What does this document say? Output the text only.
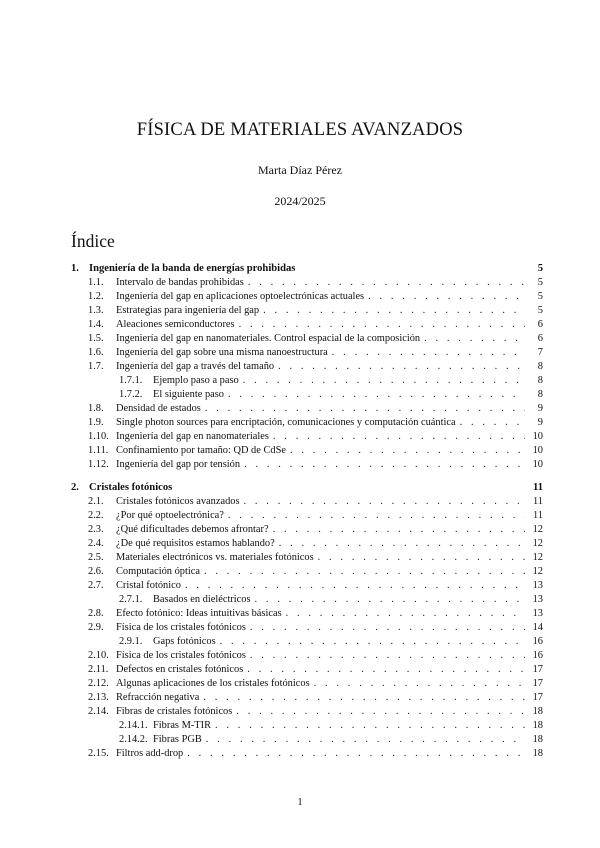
FÍSICA DE MATERIALES AVANZADOS
Marta Díaz Pérez
2024/2025
Índice
1. Ingeniería de la banda de energías prohibidas	5
1.1.	Intervalo de bandas prohibidas . . .	5
1.2.	Ingeniería del gap en aplicaciones optoelectrónicas actuales . . .	5
1.3.	Estrategias para ingeniería del gap . . .	5
1.4.	Aleaciones semiconductores . . .	6
1.5.	Ingeniería del gap en nanomateriales. Control espacial de la composición . . .	6
1.6.	Ingeniería del gap sobre una misma nanoestructura . . .	7
1.7.	Ingeniería del gap a través del tamaño . . .	8
1.7.1.	Ejemplo paso a paso . . .	8
1.7.2.	El siguiente paso . . .	8
1.8.	Densidad de estados . . .	9
1.9.	Single photon sources para encriptación, comunicaciones y computación cuántica . . .	9
1.10. Ingeniería del gap en nanomateriales . . .	10
1.11. Confinamiento por tamaño: QD de CdSe . . .	10
1.12. Ingeniería del gap por tensión . . .	10
2. Cristales fotónicos	11
2.1.	Cristales fotónicos avanzados . . .	11
2.2.	¿Por qué optoelectrónica? . . .	11
2.3.	¿Qué dificultades debemos afrontar? . . .	12
2.4.	¿De qué requisitos estamos hablando? . . .	12
2.5.	Materiales electrónicos vs. materiales fotónicos . . .	12
2.6.	Computación óptica . . .	12
2.7.	Cristal fotónico . . .	13
2.7.1.	Basados en dieléctricos . . .	13
2.8.	Efecto fotónico: Ideas intuitivas básicas . . .	13
2.9.	Física de los cristales fotónicos . . .	14
2.9.1.	Gaps fotónicos . . .	16
2.10. Física de los cristales fotónicos . . .	16
2.11. Defectos en cristales fotónicos . . .	17
2.12. Algunas aplicaciones de los cristales fotónicos . . .	17
2.13. Refracción negativa . . .	17
2.14. Fibras de cristales fotónicos . . .	18
2.14.1. Fibras M-TIR . . .	18
2.14.2. Fibras PGB . . .	18
2.15. Filtros add-drop . . .	18
1
